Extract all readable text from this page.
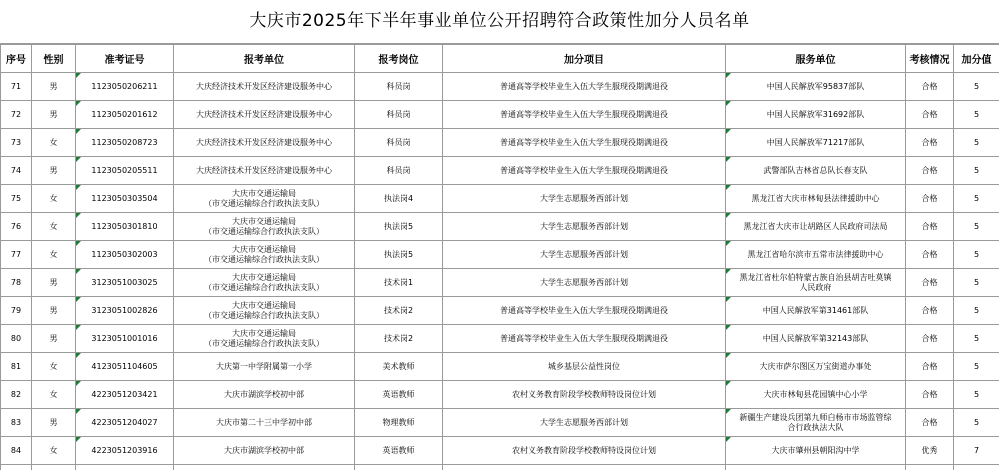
大庆市2025年下半年事业单位公开招聘符合政策性加分人员名单
序号	性别	准考证号	报考单位	报考岗位	加分项目	服务单位	考核情况	加分值
71	男	1123050206211	大庆经济技术开发区经济建设服务中心	科员岗	普通高等学校毕业生入伍大学生服现役期满退役	中国人民解放军95837部队	合格	5
72	男	1123050201612	大庆经济技术开发区经济建设服务中心	科员岗	普通高等学校毕业生入伍大学生服现役期满退役	中国人民解放军31692部队	合格	5
73	女	1123050208723	大庆经济技术开发区经济建设服务中心	科员岗	普通高等学校毕业生入伍大学生服现役期满退役	中国人民解放军71217部队	合格	5
74	男	1123050205511	大庆经济技术开发区经济建设服务中心	科员岗	普通高等学校毕业生入伍大学生服现役期满退役	武警部队吉林省总队长春支队	合格	5
75	女	1123050303504	大庆市交通运输局
（市交通运输综合行政执法支队）	执法岗4	大学生志愿服务西部计划	黑龙江省大庆市林甸县法律援助中心	合格	5
76	女	1123050301810	大庆市交通运输局
（市交通运输综合行政执法支队）	执法岗5	大学生志愿服务西部计划	黑龙江省大庆市让胡路区人民政府司法局	合格	5
77	女	1123050302003	大庆市交通运输局
（市交通运输综合行政执法支队）	执法岗5	大学生志愿服务西部计划	黑龙江省哈尔滨市五常市法律援助中心	合格	5
78	男	3123051003025	大庆市交通运输局
（市交通运输综合行政执法支队）	技术岗1	大学生志愿服务西部计划	黑龙江省杜尔伯特蒙古族自治县胡吉吐莫镇
人民政府	合格	5
79	男	3123051002826	大庆市交通运输局
（市交通运输综合行政执法支队）	技术岗2	普通高等学校毕业生入伍大学生服现役期满退役	中国人民解放军第31461部队	合格	5
80	男	3123051001016	大庆市交通运输局
（市交通运输综合行政执法支队）	技术岗2	普通高等学校毕业生入伍大学生服现役期满退役	中国人民解放军第32143部队	合格	5
81	女	4123051104605	大庆第一中学附属第一小学	美术教师	城乡基层公益性岗位	大庆市萨尔图区万宝街道办事处	合格	5
82	女	4223051203421	大庆市湖滨学校初中部	英语教师	农村义务教育阶段学校教师特设岗位计划	大庆市林甸县花园镇中心小学	合格	5
83	男	4223051204027	大庆市第二十三中学初中部	物理教师	大学生志愿服务西部计划	新疆生产建设兵团第九师白杨市市场监管综
合行政执法大队	合格	5
84	女	4223051203916	大庆市湖滨学校初中部	英语教师	农村义务教育阶段学校教师特设岗位计划	大庆市肇州县朝阳沟中学	优秀	7
